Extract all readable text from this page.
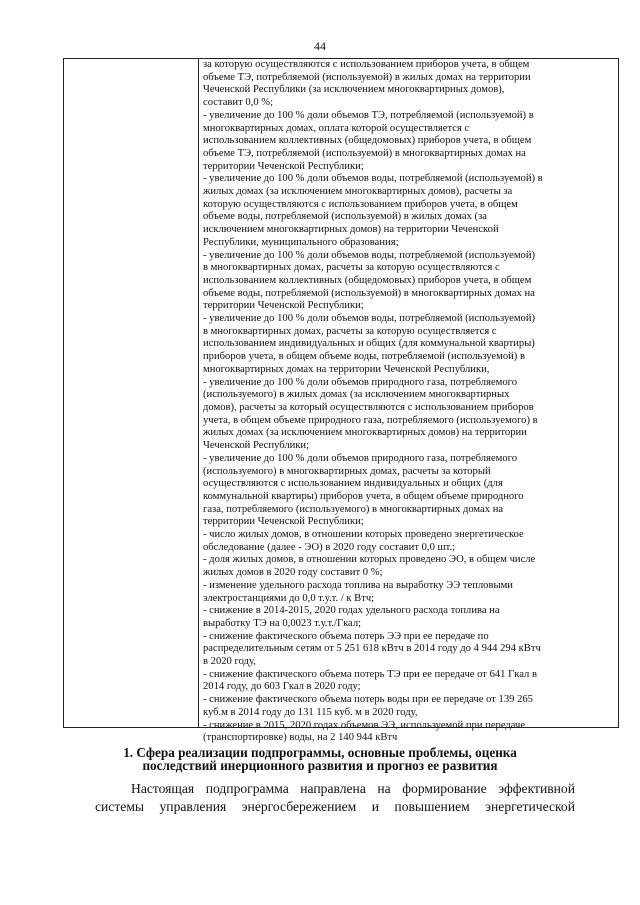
44
за которую осуществляются с использованием приборов учета, в общем
объеме ТЭ, потребляемой (используемой) в жилых домах на территории
Чеченской Республики (за исключением многоквартирных домов),
составит 0,0 %;
- увеличение до 100 % доли объемов ТЭ, потребляемой (используемой) в
многоквартирных домах, оплата которой осуществляется с
использованием коллективных (общедомовых) приборов учета, в общем
объеме ТЭ, потребляемой (используемой) в многоквартирных домах на
территории Чеченской Республики;
- увеличение до 100 % доли объемов воды, потребляемой (используемой) в
жилых домах (за исключением многоквартирных домов), расчеты за
которую осуществляются с использованием приборов учета, в общем
объеме воды, потребляемой (используемой) в жилых домах (за
исключением многоквартирных домов) на территории Чеченской
Республики, муниципального образования;
- увеличение до 100 % доли объемов воды, потребляемой (используемой)
в многоквартирных домах, расчеты за которую осуществляются с
использованием коллективных (общедомовых) приборов учета, в общем
объеме воды, потребляемой (используемой) в многоквартирных домах на
территории Чеченской Республики;
- увеличение до 100 % доли объемов воды, потребляемой (используемой)
в многоквартирных домах, расчеты за которую осуществляется с
использованием индивидуальных и общих (для коммунальной квартиры)
приборов учета, в общем объеме воды, потребляемой (используемой) в
многоквартирных домах на территории Чеченской Республики,
- увеличение до 100 % доли объемов природного газа, потребляемого
(используемого) в жилых домах (за исключением многоквартирных
домов), расчеты за который осуществляются с использованием приборов
учета, в общем объеме природного газа, потребляемого (используемого) в
жилых домах (за исключением многоквартирных домов) на территории
Чеченской Республики;
- увеличение до 100 % доли объемов природного газа, потребляемого
(используемого) в многоквартирных домах, расчеты за который
осуществляются с использованием индивидуальных и общих (для
коммунальной квартиры) приборов учета, в общем объеме природного
газа, потребляемого (используемого) в многоквартирных домах на
территории Чеченской Республики;
- число жилых домов, в отношении которых проведено энергетическое
обследование (далее - ЭО) в 2020 году составит 0,0 шт.;
- доля жилых домов, в отношении которых проведено ЭО, в общем числе
жилых домов в 2020 году составит 0 %;
- изменение удельного расхода топлива на выработку ЭЭ тепловыми
электростанциями до 0,0 т.у.т. / к Втч;
- снижение в 2014-2015, 2020 годах удельного расхода топлива на
выработку ТЭ на 0,0023 т.у.т./Гкал;
- снижение фактического объема потерь ЭЭ при ее передаче по
распределительным сетям от 5 251 618 кВтч в 2014 году до 4 944 294 кВтч
в 2020 году,
- снижение фактического объема потерь ТЭ при ее передаче от 641 Гкал в
2014 году, до 603 Гкал в 2020 году;
- снижение фактического объема потерь воды при ее передаче от 139 265
куб.м в 2014 году до 131 115 куб. м в 2020 году,
- снижение в 2015, 2020 годах объемов ЭЭ, используемой при передаче
(транспортировке) воды, на 2 140 944 кВтч
1. Сфера реализации подпрограммы, основные проблемы, оценка
последствий инерционного развития и прогноз ее развития
Настоящая подпрограмма направлена на формирование эффективной
системы управления энергосбережением и повышением энергетической
